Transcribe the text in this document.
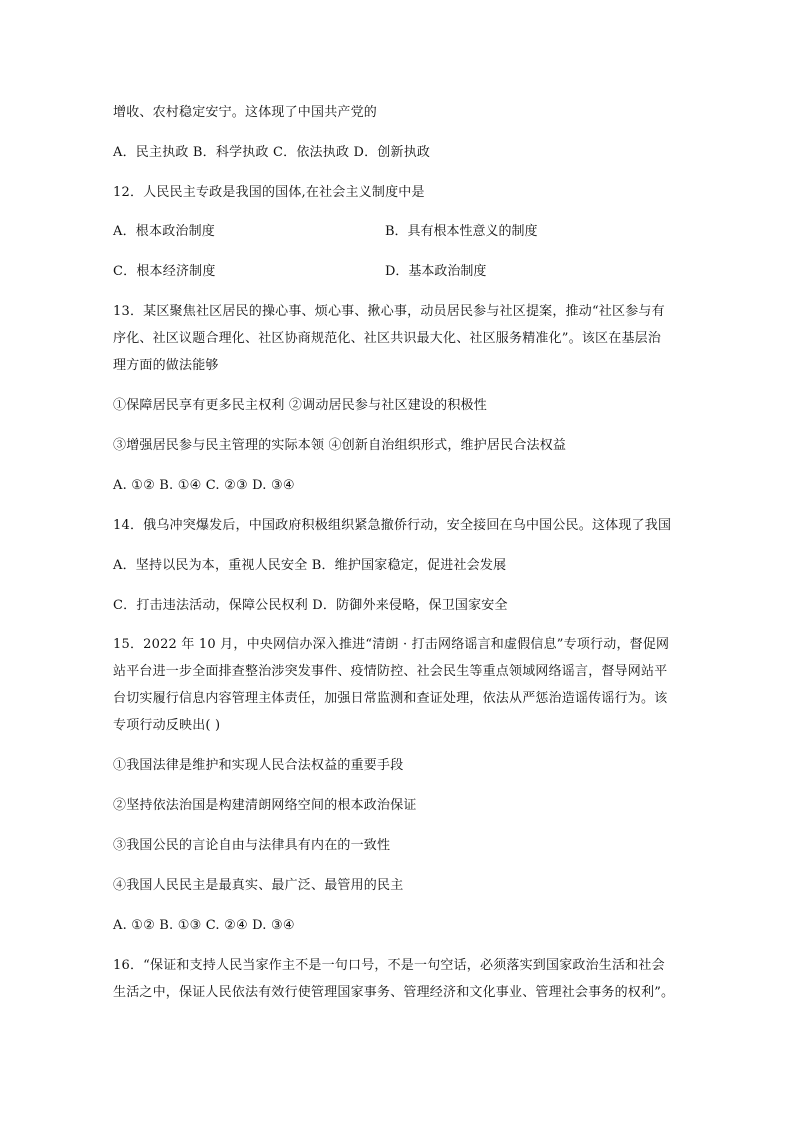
增收、农村稳定安宁。这体现了中国共产党的
A．民主执政 B．科学执政 C．依法执政 D．创新执政
12．人民民主专政是我国的国体,在社会主义制度中是
A．根本政治制度	B．具有根本性意义的制度
C．根本经济制度	D．基本政治制度
13．某区聚焦社区居民的操心事、烦心事、揪心事，动员居民参与社区提案，推动“社区参与有
序化、社区议题合理化、社区协商规范化、社区共识最大化、社区服务精准化”。该区在基层治
理方面的做法能够
①保障居民享有更多民主权利 ②调动居民参与社区建设的积极性
③增强居民参与民主管理的实际本领 ④创新自治组织形式，维护居民合法权益
A. ①② B. ①④ C. ②③ D. ③④
14．俄乌冲突爆发后，中国政府积极组织紧急撤侨行动，安全接回在乌中国公民。这体现了我国
A．坚持以民为本，重视人民安全 B．维护国家稳定，促进社会发展
C．打击违法活动，保障公民权利 D．防御外来侵略，保卫国家安全
15．2022 年 10 月，中央网信办深入推进“清朗 · 打击网络谣言和虚假信息”专项行动，督促网
站平台进一步全面排查整治涉突发事件、疫情防控、社会民生等重点领域网络谣言，督导网站平
台切实履行信息内容管理主体责任，加强日常监测和查证处理，依法从严惩治造谣传谣行为。该
专项行动反映出( )
①我国法律是维护和实现人民合法权益的重要手段
②坚持依法治国是构建清朗网络空间的根本政治保证
③我国公民的言论自由与法律具有内在的一致性
④我国人民民主是最真实、最广泛、最管用的民主
A. ①② B. ①③ C. ②④ D. ③④
16．“保证和支持人民当家作主不是一句口号，不是一句空话，必须落实到国家政治生活和社会
生活之中，保证人民依法有效行使管理国家事务、管理经济和文化事业、管理社会事务的权利”。
